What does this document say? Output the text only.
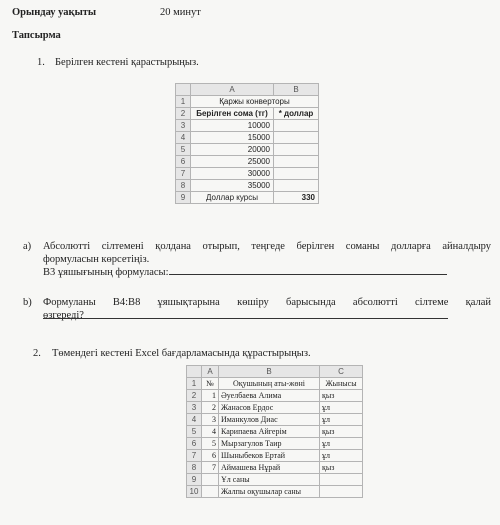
Орындау уақыты	20 минут
Тапсырма
1. Берілген кестені қарастырыңыз.
	A	B
1	Қаржы конверторы	
2	Берілген сома (тг)	* доллар
3	10000	
4	15000	
5	20000	
6	25000	
7	30000	
8	35000	
9	Доллар курсы	330
a) Абсолютті сілтемені қолдана отырып, теңгеде берілген соманы долларға айналдыру
формуласын көрсетіңіз.
В3 ұяшығының формуласы:
b) Формуланы В4:В8 ұяшықтарына көшіру барысында абсолютті сілтеме қалай
өзгереді?
2. Төмендегі кестені Excel бағдарламасында құрастырыңыз.
	A	B	C
1	№	Оқушының аты-жөні	Жынысы
2	1	Әуелбаева Алима	қыз
3	2	Жанасов Ердос	ұл
4	3	Иманкулов Диас	ұл
5	4	Карипаева Айгерім	қыз
6	5	Мырзагулов Таир	ұл
7	6	Шыныбеков Ертай	ұл
8	7	Аймашева Нұрай	қыз
9		Ұл саны	
10		Жалпы оқушылар саны	
